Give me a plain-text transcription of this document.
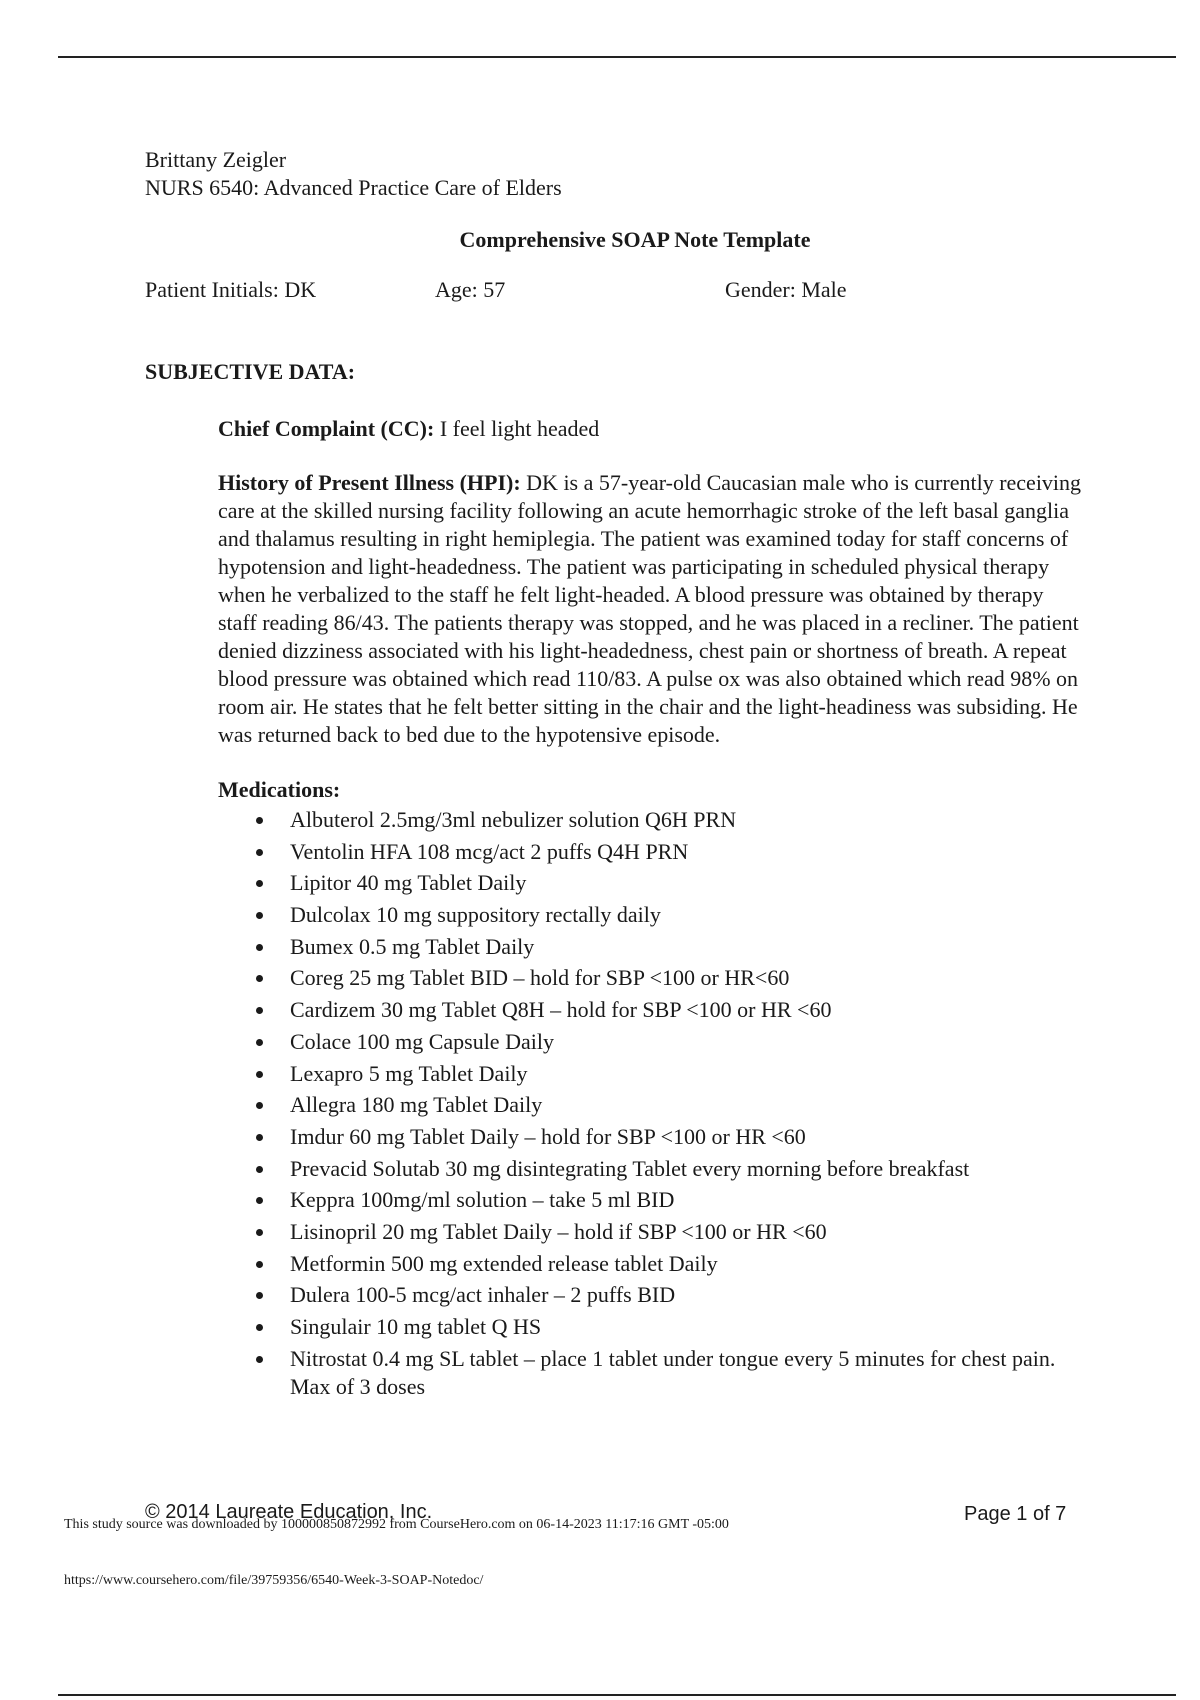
Brittany Zeigler
NURS 6540: Advanced Practice Care of Elders
Comprehensive SOAP Note Template
Patient Initials: DK	Age: 57	Gender: Male
SUBJECTIVE DATA:
Chief Complaint (CC): I feel light headed
History of Present Illness (HPI): DK is a 57-year-old Caucasian male who is currently receiving care at the skilled nursing facility following an acute hemorrhagic stroke of the left basal ganglia and thalamus resulting in right hemiplegia. The patient was examined today for staff concerns of hypotension and light-headedness. The patient was participating in scheduled physical therapy when he verbalized to the staff he felt light-headed. A blood pressure was obtained by therapy staff reading 86/43. The patients therapy was stopped, and he was placed in a recliner. The patient denied dizziness associated with his light-headedness, chest pain or shortness of breath. A repeat blood pressure was obtained which read 110/83. A pulse ox was also obtained which read 98% on room air. He states that he felt better sitting in the chair and the light-headiness was subsiding. He was returned back to bed due to the hypotensive episode.
Medications:
Albuterol 2.5mg/3ml nebulizer solution Q6H PRN
Ventolin HFA 108 mcg/act 2 puffs Q4H PRN
Lipitor 40 mg Tablet Daily
Dulcolax 10 mg suppository rectally daily
Bumex 0.5 mg Tablet Daily
Coreg 25 mg Tablet BID – hold for SBP <100 or HR<60
Cardizem 30 mg Tablet Q8H – hold for SBP <100 or HR <60
Colace 100 mg Capsule Daily
Lexapro 5 mg Tablet Daily
Allegra 180 mg Tablet Daily
Imdur 60 mg Tablet Daily – hold for SBP <100 or HR <60
Prevacid Solutab 30 mg disintegrating Tablet every morning before breakfast
Keppra 100mg/ml solution – take 5 ml BID
Lisinopril 20 mg Tablet Daily – hold if SBP <100 or HR <60
Metformin 500 mg extended release tablet Daily
Dulera 100-5 mcg/act inhaler – 2 puffs BID
Singulair 10 mg tablet Q HS
Nitrostat 0.4 mg SL tablet – place 1 tablet under tongue every 5 minutes for chest pain. Max of 3 doses
© 2014 Laureate Education, Inc.	Page 1 of 7
This study source was downloaded by 100000850872992 from CourseHero.com on 06-14-2023 11:17:16 GMT -05:00
https://www.coursehero.com/file/39759356/6540-Week-3-SOAP-Notedoc/
